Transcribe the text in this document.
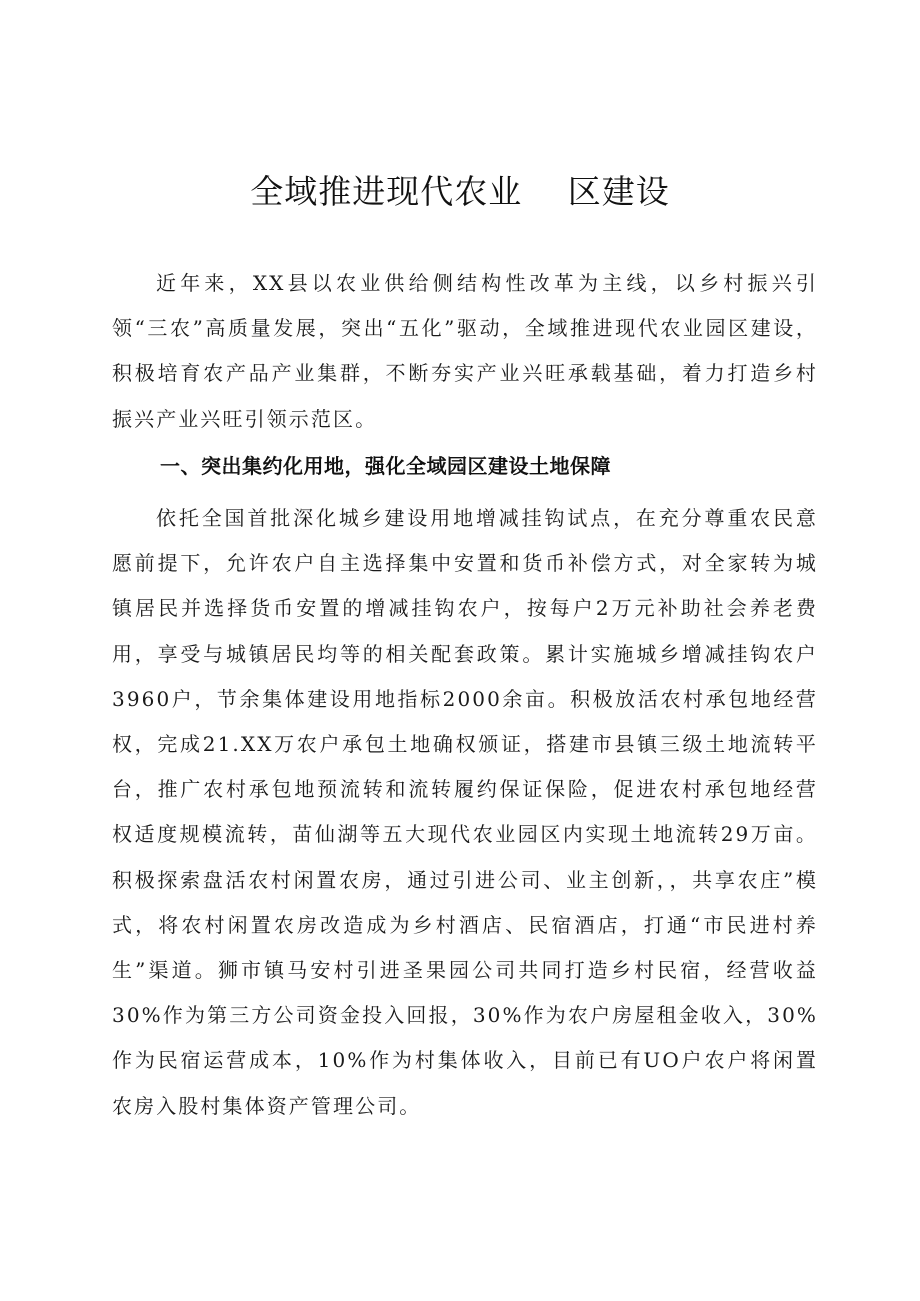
全域推进现代农业　 区建设

近年来，XX县以农业供给侧结构性改革为主线，以乡村振兴引领“三农”高质量发展，突出“五化”驱动，全域推进现代农业园区建设，积极培育农产品产业集群，不断夯实产业兴旺承载基础，着力打造乡村振兴产业兴旺引领示范区。

一、突出集约化用地，强化全域园区建设土地保障

依托全国首批深化城乡建设用地增减挂钩试点，在充分尊重农民意愿前提下，允许农户自主选择集中安置和货币补偿方式，对全家转为城镇居民并选择货币安置的增减挂钩农户，按每户2万元补助社会养老费用，享受与城镇居民均等的相关配套政策。累计实施城乡增减挂钩农户3960户，节余集体建设用地指标2000余亩。积极放活农村承包地经营权，完成21.XX万农户承包土地确权颁证，搭建市县镇三级土地流转平台，推广农村承包地预流转和流转履约保证保险，促进农村承包地经营权适度规模流转，苗仙湖等五大现代农业园区内实现土地流转29万亩。积极探索盘活农村闲置农房，通过引进公司、业主创新，，共享农庄”模式，将农村闲置农房改造成为乡村酒店、民宿酒店，打通“市民进村养生”渠道。狮市镇马安村引进圣果园公司共同打造乡村民宿，经营收益30%作为第三方公司资金投入回报，30%作为农户房屋租金收入，30%作为民宿运营成本，10%作为村集体收入，目前已有UO户农户将闲置农房入股村集体资产管理公司。
